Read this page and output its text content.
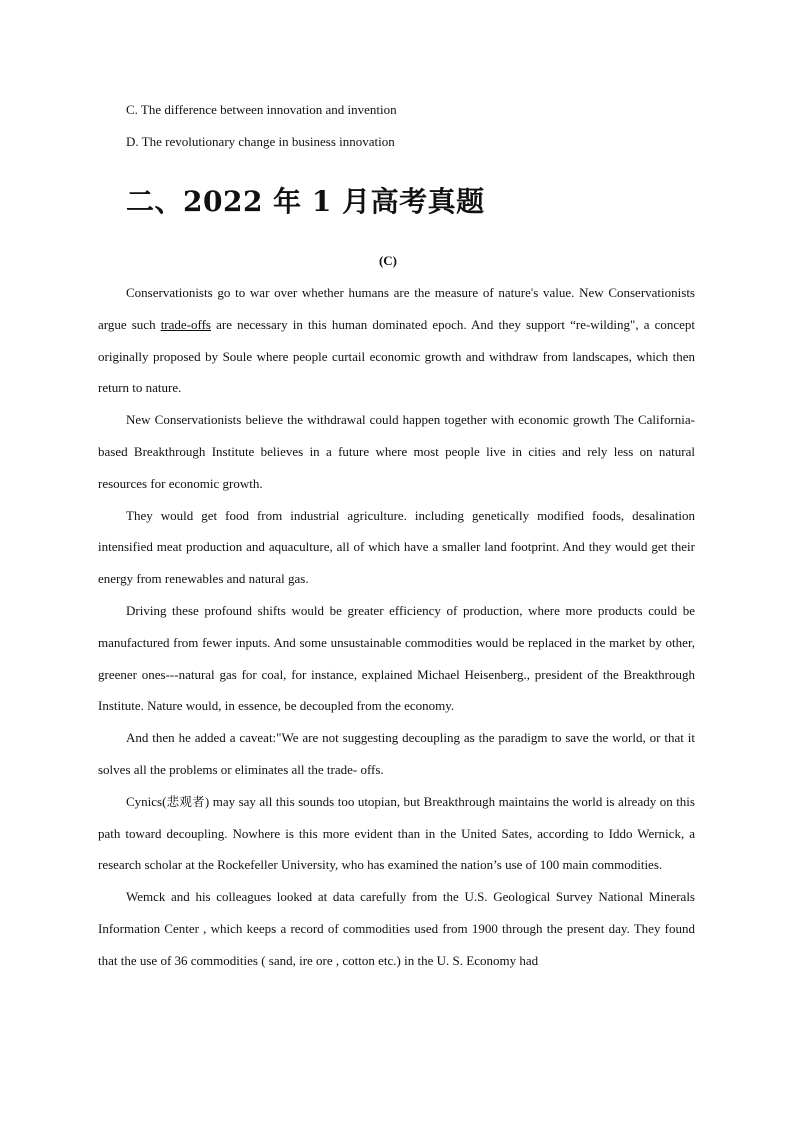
C. The difference between innovation and invention
D. The revolutionary change in business innovation
二、2022 年 1 月高考真题
(C)

Conservationists go to war over whether humans are the measure of nature's value. New Conservationists argue such trade-offs are necessary in this human dominated epoch. And they support “re-wilding", a concept originally proposed by Soule where people curtail economic growth and withdraw from landscapes, which then return to nature.

New Conservationists believe the withdrawal could happen together with economic growth The California-based Breakthrough Institute believes in a future where most people live in cities and rely less on natural resources for economic growth.

They would get food from industrial agriculture. including genetically modified foods, desalination intensified meat production and aquaculture, all of which have a smaller land footprint. And they would get their energy from renewables and natural gas.

Driving these profound shifts would be greater efficiency of production, where more products could be manufactured from fewer inputs. And some unsustainable commodities would be replaced in the market by other, greener ones---natural gas for coal, for instance, explained Michael Heisenberg., president of the Breakthrough Institute. Nature would, in essence, be decoupled from the economy.

And then he added a caveat:"We are not suggesting decoupling as the paradigm to save the world, or that it solves all the problems or eliminates all the trade- offs.

Cynics(悲观者) may say all this sounds too utopian, but Breakthrough maintains the world is already on this path toward decoupling. Nowhere is this more evident than in the United Sates, according to Iddo Wernick, a research scholar at the Rockefeller University, who has examined the nation’s use of 100 main commodities.

Wemck and his colleagues looked at data carefully from the U.S. Geological Survey National Minerals Information Center , which keeps a record of commodities used from 1900 through the present day. They found that the use of 36 commodities ( sand, ire ore , cotton etc.) in the U. S. Economy had
